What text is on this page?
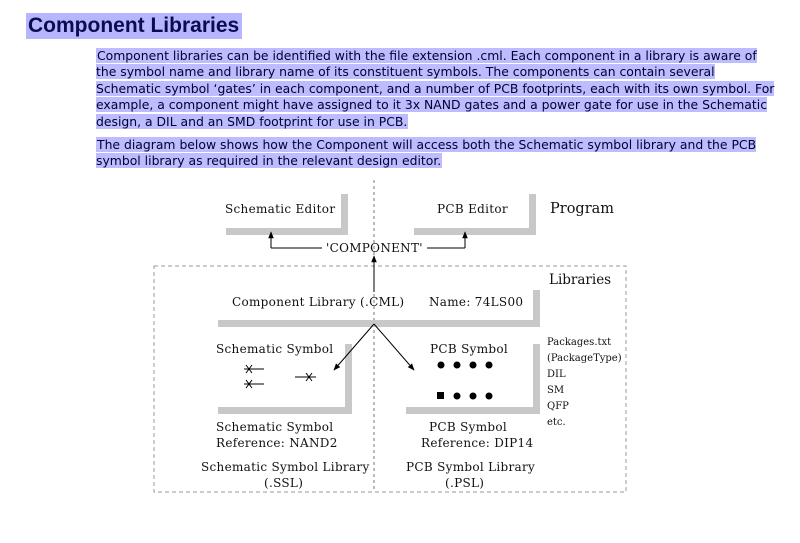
Component Libraries

Component libraries can be identified with the file extension .cml. Each component in a library is aware of the symbol name and library name of its constituent symbols. The components can contain several Schematic symbol ‘gates’ in each component, and a number of PCB footprints, each with its own symbol. For example, a component might have assigned to it 3x NAND gates and a power gate for use in the Schematic design, a DIL and an SMD footprint for use in PCB.

The diagram below shows how the Component will access both the Schematic symbol library and the PCB symbol library as required in the relevant design editor.

Schematic Editor	PCB Editor	Program
'COMPONENT'
Libraries
Component Library (.CML) Name: 74LS00
Schematic Symbol	PCB Symbol
Schematic Symbol
Reference: NAND2
PCB Symbol
Reference: DIP14
Schematic Symbol Library
(.SSL)
PCB Symbol Library
(.PSL)
Packages.txt
(PackageType)
DIL
SM
QFP
etc.
